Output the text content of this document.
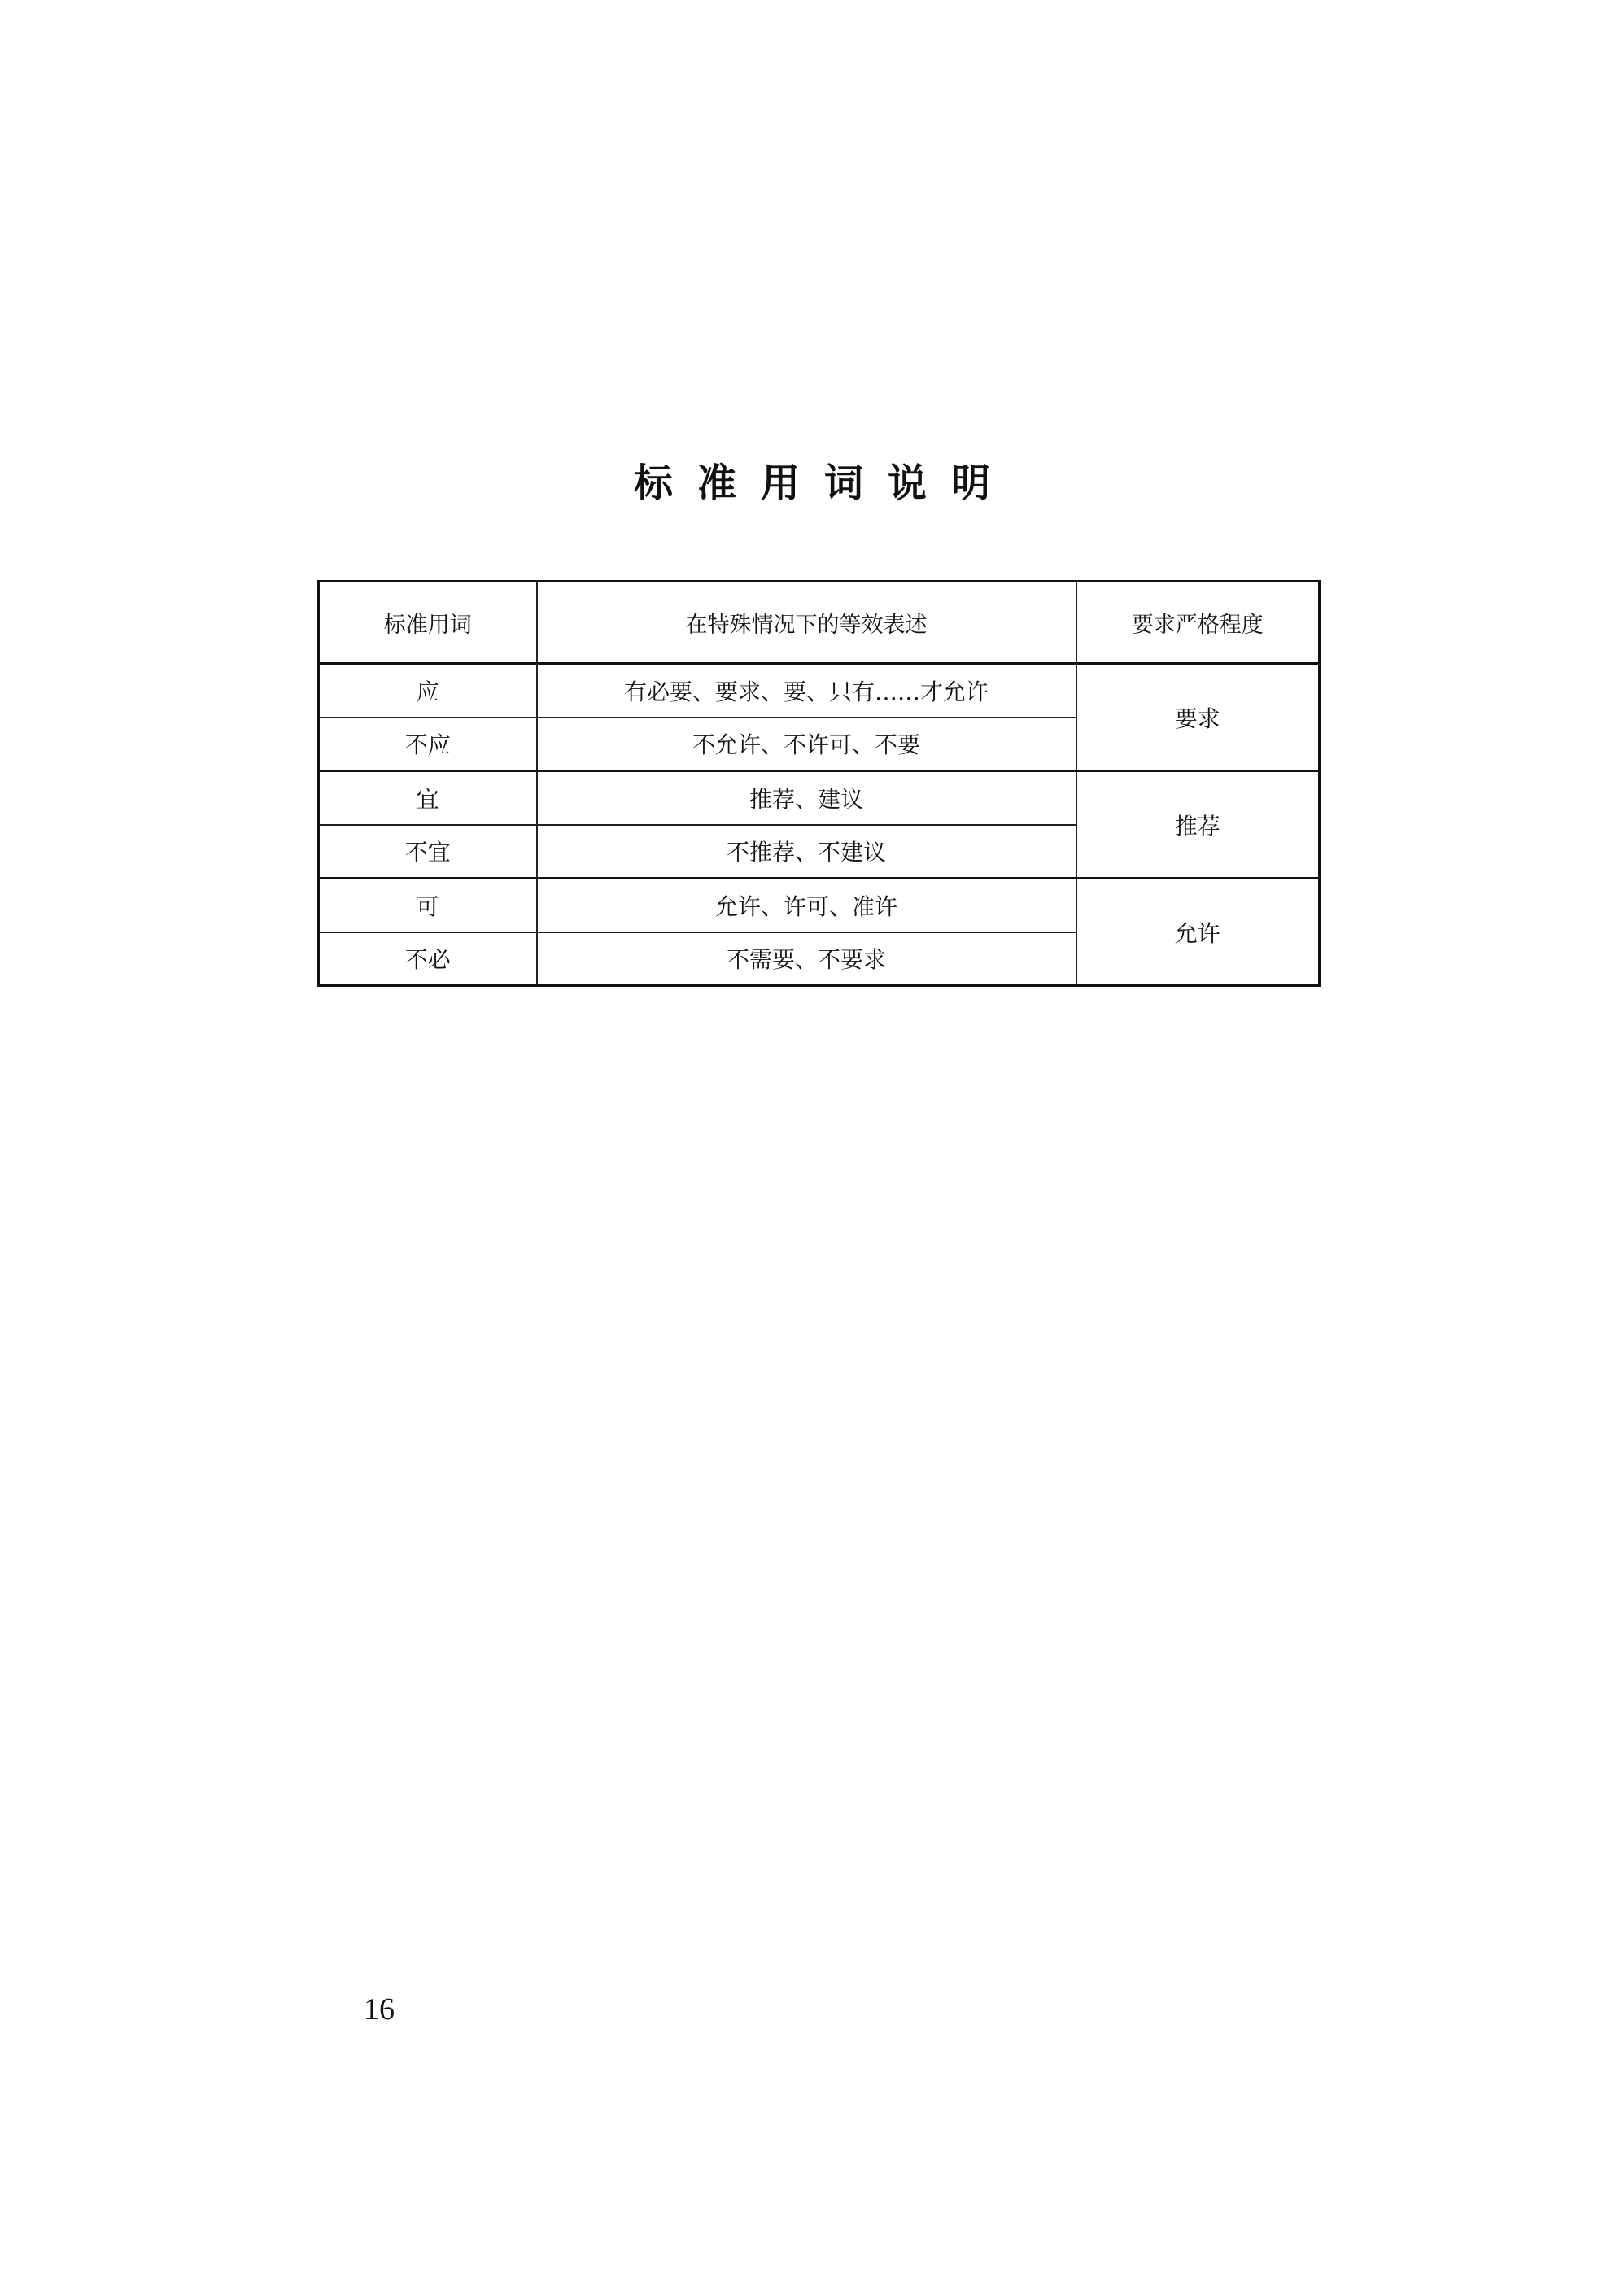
标准用词说明
标准用词	在特殊情况下的等效表述	要求严格程度
应	有必要、要求、要、只有……才允许	要求
不应	不允许、不许可、不要	
宜	推荐、建议	推荐
不宜	不推荐、不建议	
可	允许、许可、准许	允许
不必	不需要、不要求	
16
